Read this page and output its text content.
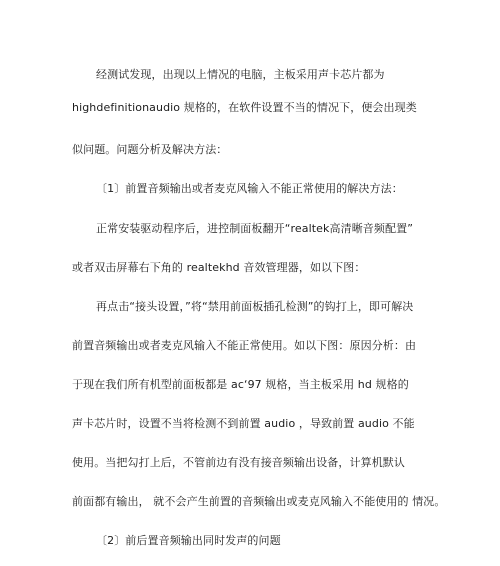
经测试发现，出现以上情况的电脑，主板采用声卡芯片都为
highdefinitionaudio 规格的，在软件设置不当的情况下，便会出现类
似问题。问题分析及解决方法：
〔1〕前置音频输出或者麦克风输入不能正常使用的解决方法：
正常安装驱动程序后，进控制面板翻开“realtek高清晰音频配置”
或者双击屏幕右下角的 realtekhd 音效管理器，如以下图：
再点击“接头设置，”将“禁用前面板插孔检测”的钩打上，即可解决
前置音频输出或者麦克风输入不能正常使用。如以下图：原因分析：由
于现在我们所有机型前面板都是 ac‘97 规格，当主板采用 hd 规格的
声卡芯片时，设置不当将检测不到前置 audio ，导致前置 audio 不能
使用。当把勾打上后，不管前边有没有接音频输出设备，计算机默认
前面都有输出， 就不会产生前置的音频输出或麦克风输入不能使用的 情况。
〔2〕前后置音频输出同时发声的问题
